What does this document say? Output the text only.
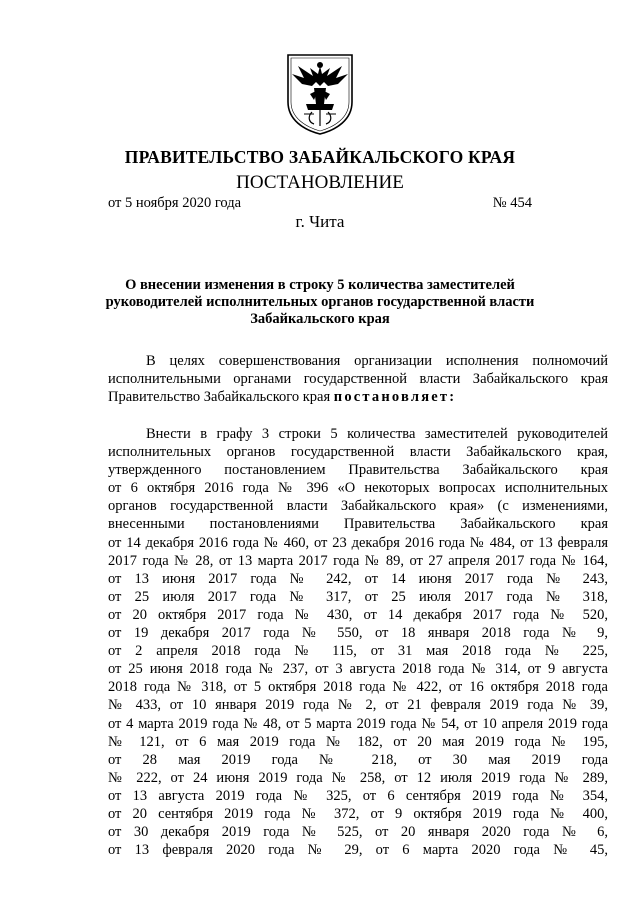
ПРАВИТЕЛЬСТВО ЗАБАЙКАЛЬСКОГО КРАЯ
ПОСТАНОВЛЕНИЕ
от 5 ноября 2020 года	№ 454
г. Чита
О внесении изменения в строку 5 количества заместителей
руководителей исполнительных органов государственной власти
Забайкальского края
В целях совершенствования организации исполнения полномочий
исполнительными органами государственной власти Забайкальского края
Правительство Забайкальского края постановляет:
Внести в графу 3 строки 5 количества заместителей руководителей
исполнительных органов государственной власти Забайкальского края,
утвержденного постановлением Правительства Забайкальского края
от 6 октября 2016 года № 396 «О некоторых вопросах исполнительных
органов государственной власти Забайкальского края» (с изменениями,
внесенными постановлениями Правительства Забайкальского края
от 14 декабря 2016 года № 460, от 23 декабря 2016 года № 484, от 13 февраля
2017 года № 28, от 13 марта 2017 года № 89, от 27 апреля 2017 года № 164,
от 13 июня 2017 года № 242, от 14 июня 2017 года № 243,
от 25 июля 2017 года № 317, от 25 июля 2017 года № 318,
от 20 октября 2017 года № 430, от 14 декабря 2017 года № 520,
от 19 декабря 2017 года № 550, от 18 января 2018 года № 9,
от 2 апреля 2018 года № 115, от 31 мая 2018 года № 225,
от 25 июня 2018 года № 237, от 3 августа 2018 года № 314, от 9 августа
2018 года № 318, от 5 октября 2018 года № 422, от 16 октября 2018 года
№ 433, от 10 января 2019 года № 2, от 21 февраля 2019 года № 39,
от 4 марта 2019 года № 48, от 5 марта 2019 года № 54, от 10 апреля 2019 года
№ 121, от 6 мая 2019 года № 182, от 20 мая 2019 года № 195,
от 28 мая 2019 года № 218, от 30 мая 2019 года
№ 222, от 24 июня 2019 года № 258, от 12 июля 2019 года № 289,
от 13 августа 2019 года № 325, от 6 сентября 2019 года № 354,
от 20 сентября 2019 года № 372, от 9 октября 2019 года № 400,
от 30 декабря 2019 года № 525, от 20 января 2020 года № 6,
от 13 февраля 2020 года № 29, от 6 марта 2020 года № 45,
